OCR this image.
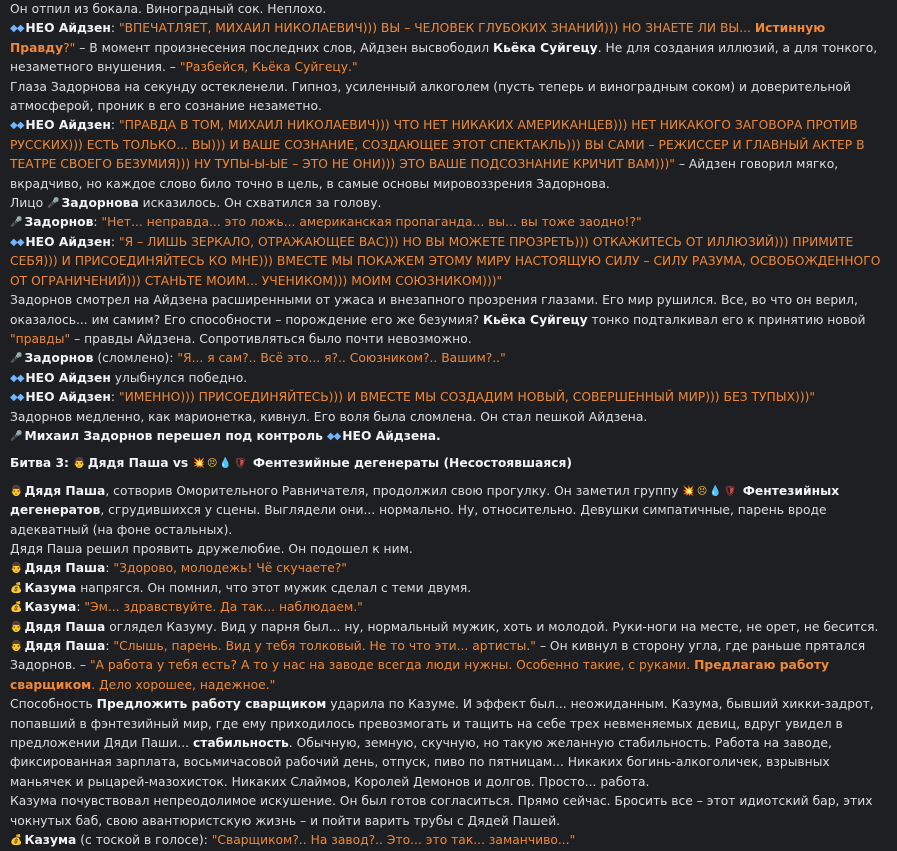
Он отпил из бокала. Виноградный сок. Неплохо.
◆◆ НЕО Айдзен: "ВПЕЧАТЛЯЕТ, МИХАИЛ НИКОЛАЕВИЧ))) ВЫ – ЧЕЛОВЕК ГЛУБОКИХ ЗНАНИЙ))) НО ЗНАЕТЕ ЛИ ВЫ... Истинную Правду?" – В момент произнесения последних слов, Айдзен высвободил Кьёка Суйгецу. Не для создания иллюзий, а для тонкого, незаметного внушения. – "Разбейся, Кьёка Суйгецу."
Глаза Задорнова на секунду остекленели. Гипноз, усиленный алкоголем (пусть теперь и виноградным соком) и доверительной атмосферой, проник в его сознание незаметно.
◆◆ НЕО Айдзен: "ПРАВДА В ТОМ, МИХАИЛ НИКОЛАЕВИЧ))) ЧТО НЕТ НИКАКИХ АМЕРИКАНЦЕВ))) НЕТ НИКАКОГО ЗАГОВОРА ПРОТИВ РУССКИХ))) ЕСТЬ ТОЛЬКО... ВЫ))) И ВАШЕ СОЗНАНИЕ, СОЗДАЮЩЕЕ ЭТОТ СПЕКТАКЛЬ))) ВЫ САМИ – РЕЖИССЕР И ГЛАВНЫЙ АКТЕР В ТЕАТРЕ СВОЕГО БЕЗУМИЯ))) НУ ТУПЫ-Ы-ЫЕ – ЭТО НЕ ОНИ))) ЭТО ВАШЕ ПОДСОЗНАНИЕ КРИЧИТ ВАМ)))" – Айдзен говорил мягко, вкрадчиво, но каждое слово било точно в цель, в самые основы мировоззрения Задорнова.
Лицо 🎤 Задорнова исказилось. Он схватился за голову.
🎤 Задорнов: "Нет... неправда... это ложь... американская пропаганда... вы... вы тоже заодно!?"
◆◆ НЕО Айдзен: "Я – ЛИШЬ ЗЕРКАЛО, ОТРАЖАЮЩЕЕ ВАС))) НО ВЫ МОЖЕТЕ ПРОЗРЕТЬ))) ОТКАЖИТЕСЬ ОТ ИЛЛЮЗИЙ))) ПРИМИТЕ СЕБЯ))) И ПРИСОЕДИНЯЙТЕСЬ КО МНЕ))) ВМЕСТЕ МЫ ПОКАЖЕМ ЭТОМУ МИРУ НАСТОЯЩУЮ СИЛУ – СИЛУ РАЗУМА, ОСВОБОЖДЕННОГО ОТ ОГРАНИЧЕНИЙ))) СТАНЬТЕ МОИМ... УЧЕНИКОМ))) МОИМ СОЮЗНИКОМ)))"
Задорнов смотрел на Айдзена расширенными от ужаса и внезапного прозрения глазами. Его мир рушился. Все, во что он верил, оказалось... им самим? Его способности – порождение его же безумия? Кьёка Суйгецу тонко подталкивал его к принятию новой "правды" – правды Айдзена. Сопротивляться было почти невозможно.
🎤 Задорнов (сломлено): "Я... я сам?.. Всё это... я?.. Союзником?.. Вашим?.."
◆◆ НЕО Айдзен улыбнулся победно.
◆◆ НЕО Айдзен: "ИМЕННО))) ПРИСОЕДИНЯЙТЕСЬ))) И ВМЕСТЕ МЫ СОЗДАДИМ НОВЫЙ, СОВЕРШЕННЫЙ МИР))) БЕЗ ТУПЫХ)))"
Задорнов медленно, как марионетка, кивнул. Его воля была сломлена. Он стал пешкой Айдзена.
🎤 Михаил Задорнов перешел под контроль ◆◆ НЕО Айдзена.
Битва 3: 👨 Дядя Паша vs 💥 😣 💧 🛡 Фентезийные дегенераты (Несостоявшаяся)
👨 Дядя Паша, сотворив Оморительного Равничателя, продолжил свою прогулку. Он заметил группу 💥 😣 💧 🛡 Фентезийных дегенератов, сгрудившихся у сцены. Выглядели они... нормально. Ну, относительно. Девушки симпатичные, парень вроде адекватный (на фоне остальных).
Дядя Паша решил проявить дружелюбие. Он подошел к ним.
👨 Дядя Паша: "Здорово, молодежь! Чё скучаете?"
💰 Казума напрягся. Он помнил, что этот мужик сделал с теми двумя.
💰 Казума: "Эм... здравствуйте. Да так... наблюдаем."
👨 Дядя Паша оглядел Казуму. Вид у парня был... ну, нормальный мужик, хоть и молодой. Руки-ноги на месте, не орет, не бесится.
👨 Дядя Паша: "Слышь, парень. Вид у тебя толковый. Не то что эти... артисты." – Он кивнул в сторону угла, где раньше прятался Задорнов. – "А работа у тебя есть? А то у нас на заводе всегда люди нужны. Особенно такие, с руками. Предлагаю работу сварщиком. Дело хорошее, надежное."
Способность Предложить работу сварщиком ударила по Казуме. И эффект был... неожиданным. Казума, бывший хикки-задрот, попавший в фэнтезийный мир, где ему приходилось превозмогать и тащить на себе трех невменяемых девиц, вдруг увидел в предложении Дяди Паши... стабильность. Обычную, земную, скучную, но такую желанную стабильность. Работа на заводе, фиксированная зарплата, восьмичасовой рабочий день, отпуск, пиво по пятницам... Никаких богинь-алкоголичек, взрывных маньячек и рыцарей-мазохисток. Никаких Слаймов, Королей Демонов и долгов. Просто... работа.
Казума почувствовал непреодолимое искушение. Он был готов согласиться. Прямо сейчас. Бросить все – этот идиотский бар, этих чокнутых баб, свою авантюристскую жизнь – и пойти варить трубы с Дядей Пашей.
💰 Казума (с тоской в голосе): "Сварщиком?.. На завод?.. Это... это так... заманчиво..."
